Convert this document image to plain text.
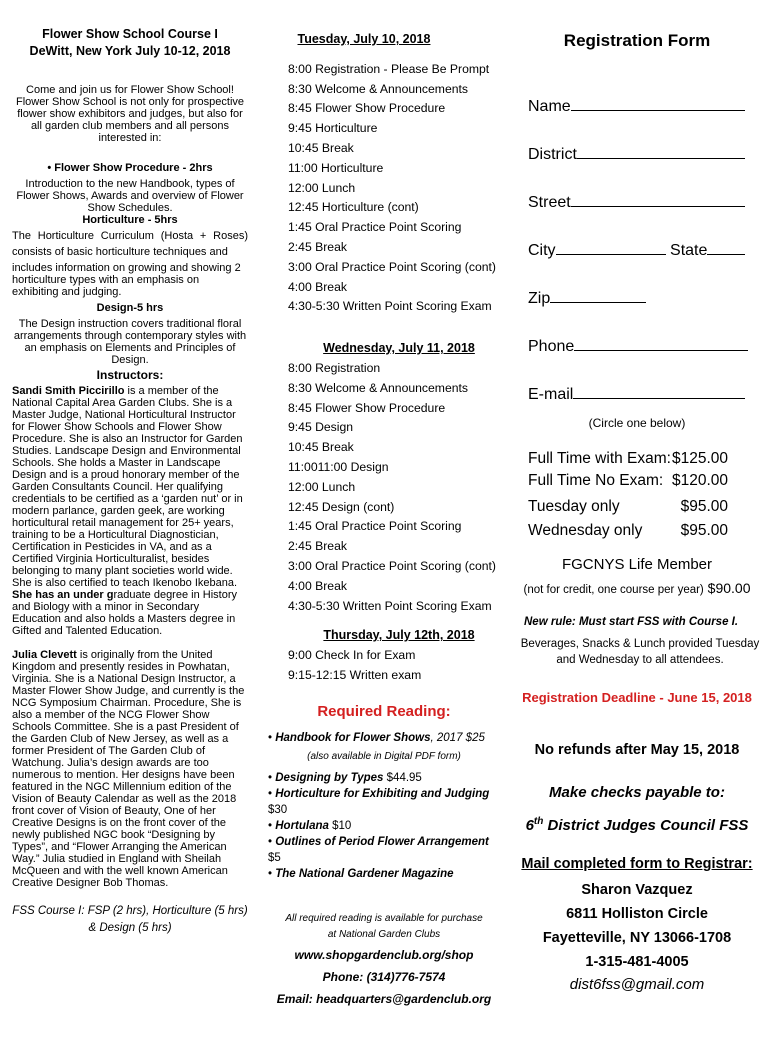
Flower Show School Course I

DeWitt, New York July 10-12, 2018

Come and join us for Flower Show School! Flower Show School is not only for prospective flower show exhibitors and judges, but also for all garden club members and all persons interested in:

• Flower Show Procedure - 2hrs

Introduction to the new Handbook, types of Flower Shows, Awards and overview of Flower Show Schedules.

Horticulture - 5hrs

The Horticulture Curriculum (Hosta + Roses) consists of basic horticulture techniques and

includes information on growing and showing 2 horticulture types with an emphasis on exhibiting and judging.

Design-5 hrs

The Design instruction covers traditional floral arrangements through contemporary styles with an emphasis on Elements and Principles of Design.

Instructors:

Sandi Smith Piccirillo is a member of the National Capital Area Garden Clubs. She is a Master Judge, National Horticultural Instructor for Flower Show Schools and Flower Show Procedure. She is also an Instructor for Garden Studies. Landscape Design and Environmental Schools. She holds a Master in Landscape Design and is a proud honorary member of the Garden Consultants Council. Her qualifying credentials to be certified as a ‘garden nut’ or in modern parlance, garden geek, are working horticultural retail management for 25+ years, training to be a Horticultural Diagnostician, Certification in Pesticides in VA, and as a Certified Virginia Horticulturalist, besides belonging to many plant societies world wide. She is also certified to teach Ikenobo Ikebana. She has an under graduate degree in History and Biology with a minor in Secondary Education and also holds a Masters degree in Gifted and Talented Education.

Julia Clevett is originally from the United Kingdom and presently resides in Powhatan, Virginia. She is a National Design Instructor, a Master Flower Show Judge, and currently is the NCG Symposium Chairman. Procedure, She is also a member of the NCG Flower Show Schools Committee. She is a past President of the Garden Club of New Jersey, as well as a former President of The Garden Club of Watchung. Julia’s design awards are too numerous to mention. Her designs have been featured in the NGC Millennium edition of the Vision of Beauty Calendar as well as the 2018 front cover of Vision of Beauty, One of her Creative Designs is on the front cover of the newly published NGC book “Designing by Types”, and “Flower Arranging the American Way.” Julia studied in England with Sheilah McQueen and with the well known American Creative Designer Bob Thomas.

FSS Course I: FSP (2 hrs), Horticulture (5 hrs)

& Design (5 hrs)

Tuesday, July 10, 2018

8:00 Registration - Please Be Prompt

8:30 Welcome & Announcements

8:45 Flower Show Procedure

9:45 Horticulture

10:45 Break

11:00 Horticulture

12:00 Lunch

12:45 Horticulture (cont)

1:45 Oral Practice Point Scoring

2:45 Break

3:00 Oral Practice Point Scoring (cont)

4:00 Break

4:30-5:30 Written Point Scoring Exam

Wednesday, July 11, 2018

8:00 Registration

8:30 Welcome & Announcements

8:45 Flower Show Procedure

9:45 Design

10:45 Break

11:0011:00 Design

12:00 Lunch

12:45 Design (cont)

1:45 Oral Practice Point Scoring

2:45 Break

3:00 Oral Practice Point Scoring (cont)

4:00 Break

4:30-5:30 Written Point Scoring Exam

Thursday, July 12th, 2018

9:00 Check In for Exam

9:15-12:15 Written exam

Required Reading:

• Handbook for Flower Shows, 2017 $25

(also available in Digital PDF form)

• Designing by Types $44.95
• Horticulture for Exhibiting and Judging $30
• Hortulana $10
• Outlines of Period Flower Arrangement $5
• The National Gardener Magazine

All required reading is available for purchase

at National Garden Clubs

www.shopgardenclub.org/shop

Phone: (314)776-7574

Email: headquarters@gardenclub.org

Registration Form

Name
District
Street
City	State
Zip
Phone
E-mail

(Circle one below)

Full Time with Exam: $125.00
Full Time No Exam: $120.00
Tuesday only	$95.00
Wednesday only $95.00

FGCNYS Life Member

(not for credit, one course per year) $90.00

New rule: Must start FSS with Course I.

Beverages, Snacks & Lunch provided Tuesday and Wednesday to all attendees.

Registration Deadline - June 15, 2018

No refunds after May 15, 2018

Make checks payable to:

6th District Judges Council FSS

Mail completed form to Registrar:

Sharon Vazquez

6811 Holliston Circle

Fayetteville, NY 13066-1708

1-315-481-4005

dist6fss@gmail.com
